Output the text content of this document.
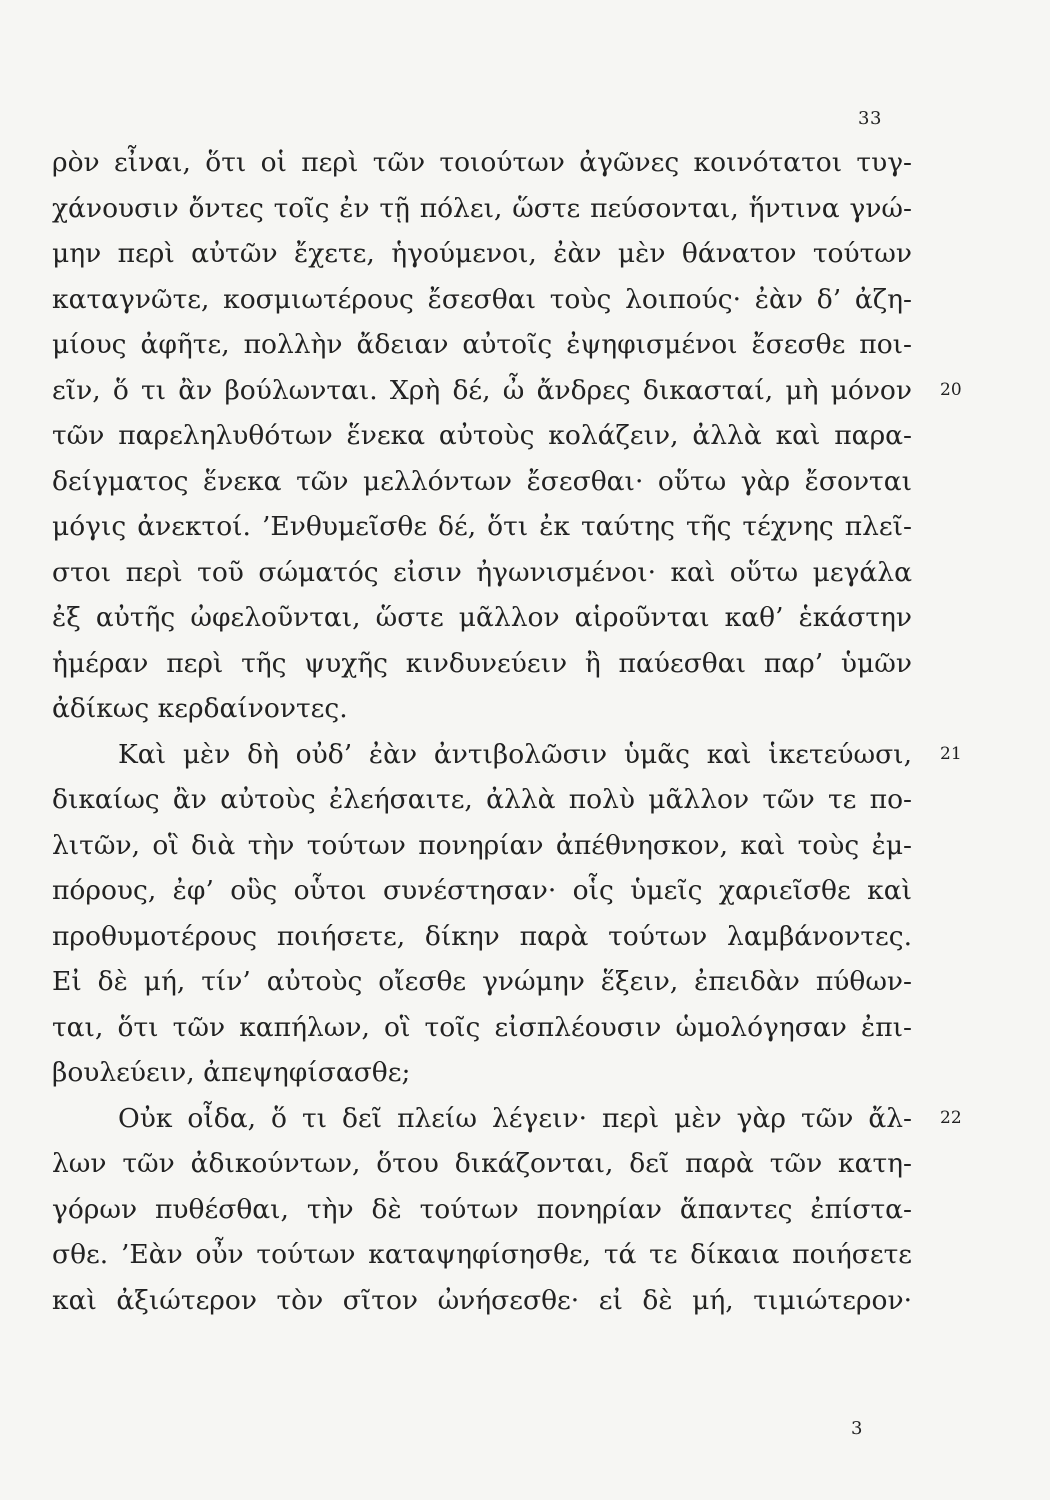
33
ρὸν εἶναι, ὅτι οἱ περὶ τῶν τοιούτων ἀγῶνες κοινότατοι τυγ-
χάνουσιν ὄντες τοῖς ἐν τῇ πόλει, ὥστε πεύσονται, ἥντινα γνώ-
μην περὶ αὐτῶν ἔχετε, ἡγούμενοι, ἐὰν μὲν θάνατον τούτων
καταγνῶτε, κοσμιωτέρους ἔσεσθαι τοὺς λοιπούς· ἐὰν δ’ ἀζη-
μίους ἀφῆτε, πολλὴν ἄδειαν αὐτοῖς ἐψηφισμένοι ἔσεσθε ποι-
εῖν, ὅ τι ἂν βούλωνται. Χρὴ δέ, ὦ ἄνδρες δικασταί, μὴ μόνον 20
τῶν παρεληλυθότων ἕνεκα αὐτοὺς κολάζειν, ἀλλὰ καὶ παρα-
δείγματος ἕνεκα τῶν μελλόντων ἔσεσθαι· οὕτω γὰρ ἔσονται
μόγις ἀνεκτοί. ’Ενθυμεῖσθε δέ, ὅτι ἐκ ταύτης τῆς τέχνης πλεῖ-
στοι περὶ τοῦ σώματός εἰσιν ἠγωνισμένοι· καὶ οὕτω μεγάλα
ἐξ αὐτῆς ὠφελοῦνται, ὥστε μᾶλλον αἱροῦνται καθ’ ἑκάστην
ἡμέραν περὶ τῆς ψυχῆς κινδυνεύειν ἢ παύεσθαι παρ’ ὑμῶν
ἀδίκως κερδαίνοντες.
Καὶ μὲν δὴ οὐδ’ ἐὰν ἀντιβολῶσιν ὑμᾶς καὶ ἱκετεύωσι, 21
δικαίως ἂν αὐτοὺς ἐλεήσαιτε, ἀλλὰ πολὺ μᾶλλον τῶν τε πο-
λιτῶν, οἳ διὰ τὴν τούτων πονηρίαν ἀπέθνησκον, καὶ τοὺς ἐμ-
πόρους, ἐφ’ οὓς οὗτοι συνέστησαν· οἷς ὑμεῖς χαριεῖσθε καὶ
προθυμοτέρους ποιήσετε, δίκην παρὰ τούτων λαμβάνοντες.
Εἰ δὲ μή, τίν’ αὐτοὺς οἴεσθε γνώμην ἕξειν, ἐπειδὰν πύθων-
ται, ὅτι τῶν καπήλων, οἳ τοῖς εἰσπλέουσιν ὡμολόγησαν ἐπι-
βουλεύειν, ἀπεψηφίσασθε;
Οὐκ οἶδα, ὅ τι δεῖ πλείω λέγειν· περὶ μὲν γὰρ τῶν ἄλ- 22
λων τῶν ἀδικούντων, ὅτου δικάζονται, δεῖ παρὰ τῶν κατη-
γόρων πυθέσθαι, τὴν δὲ τούτων πονηρίαν ἅπαντες ἐπίστα-
σθε. ’Εὰν οὖν τούτων καταψηφίσησθε, τά τε δίκαια ποιήσετε
καὶ ἀξιώτερον τὸν σῖτον ὠνήσεσθε· εἰ δὲ μή, τιμιώτερον·
3
